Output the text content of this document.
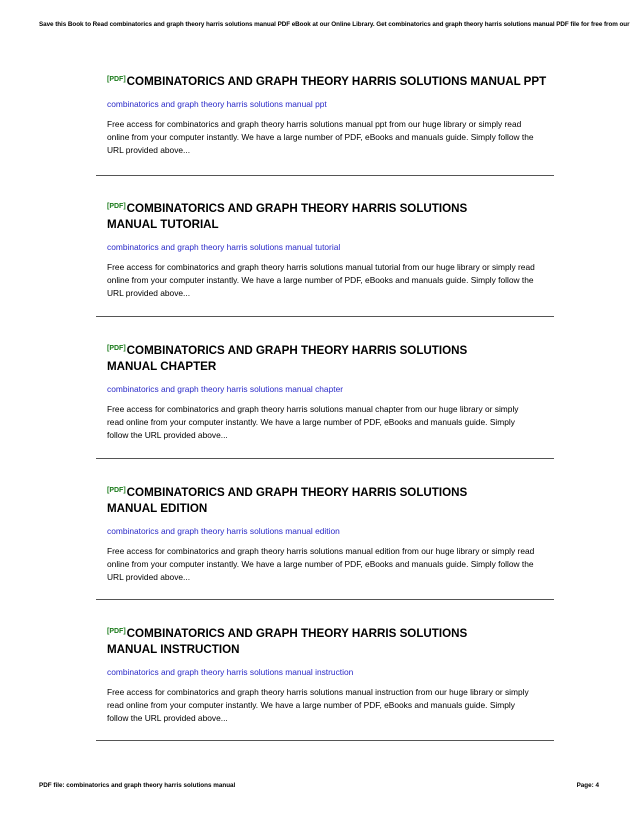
Save this Book to Read combinatorics and graph theory harris solutions manual PDF eBook at our Online Library. Get combinatorics and graph theory harris solutions manual PDF file for free from our

[PDF]COMBINATORICS AND GRAPH THEORY HARRIS SOLUTIONS MANUAL PPT

combinatorics and graph theory harris solutions manual ppt

Free access for combinatorics and graph theory harris solutions manual ppt from our huge library or simply read online from your computer instantly. We have a large number of PDF, eBooks and manuals guide. Simply follow the URL provided above...

[PDF]COMBINATORICS AND GRAPH THEORY HARRIS SOLUTIONS MANUAL TUTORIAL

combinatorics and graph theory harris solutions manual tutorial

Free access for combinatorics and graph theory harris solutions manual tutorial from our huge library or simply read online from your computer instantly. We have a large number of PDF, eBooks and manuals guide. Simply follow the URL provided above...

[PDF]COMBINATORICS AND GRAPH THEORY HARRIS SOLUTIONS MANUAL CHAPTER

combinatorics and graph theory harris solutions manual chapter

Free access for combinatorics and graph theory harris solutions manual chapter from our huge library or simply read online from your computer instantly. We have a large number of PDF, eBooks and manuals guide. Simply follow the URL provided above...

[PDF]COMBINATORICS AND GRAPH THEORY HARRIS SOLUTIONS MANUAL EDITION

combinatorics and graph theory harris solutions manual edition

Free access for combinatorics and graph theory harris solutions manual edition from our huge library or simply read online from your computer instantly. We have a large number of PDF, eBooks and manuals guide. Simply follow the URL provided above...

[PDF]COMBINATORICS AND GRAPH THEORY HARRIS SOLUTIONS MANUAL INSTRUCTION

combinatorics and graph theory harris solutions manual instruction

Free access for combinatorics and graph theory harris solutions manual instruction from our huge library or simply read online from your computer instantly. We have a large number of PDF, eBooks and manuals guide. Simply follow the URL provided above...

PDF file: combinatorics and graph theory harris solutions manual	Page: 4
